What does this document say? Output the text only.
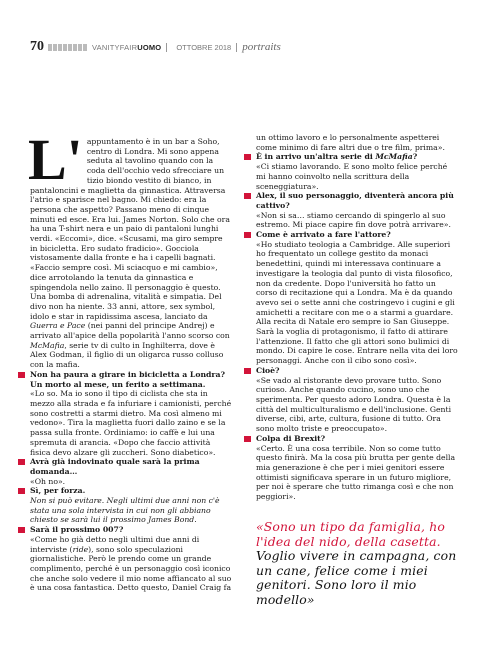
70	VANITYFAIRUOMO OTTOBRE 2018 portraits

L' appuntamento è in un bar a Soho, centro di Londra. Mi sono appena seduta al tavolino quando con la coda dell'occhio vedo sfrecciare un tizio biondo vestito di bianco, in pantaloncini e maglietta da ginnastica. Attraversa l'atrio e sparisce nel bagno. Mi chiedo: era la persona che aspetto? Passano meno di cinque minuti ed esce. Era lui. James Norton. Solo che ora ha una T-shirt nera e un paio di pantaloni lunghi verdi. «Eccomi», dice. «Scusami, ma giro sempre in bicicletta. Ero sudato fradicio». Gocciola vistosamente dalla fronte e ha i capelli bagnati. «Faccio sempre così. Mi sciacquo e mi cambio», dice arrotolando la tenuta da ginnastica e spingendola nello zaino. Il personaggio è questo. Una bomba di adrenalina, vitalità e simpatia. Del divo non ha niente. 33 anni, attore, sex symbol, idolo e star in rapidissima ascesa, lanciato da Guerra e Pace (nei panni del principe Andrej) e arrivato all'apice della popolarità l'anno scorso con McMafia, serie tv di culto in Inghilterra, dove è Alex Godman, il figlio di un oligarca russo colluso con la mafia.

Non ha paura a girare in bicicletta a Londra? Un morto al mese, un ferito a settimana.

«Lo so. Ma io sono il tipo di ciclista che sta in mezzo alla strada e fa infuriare i camionisti, perché sono costretti a starmi dietro. Ma così almeno mi vedono». Tira la maglietta fuori dallo zaino e se la passa sulla fronte. Ordiniamo: io caffè e lui una spremuta di arancia. «Dopo che faccio attività fisica devo alzare gli zuccheri. Sono diabetico».

Avrà già indovinato quale sarà la prima domanda…

«Oh no».

Sì, per forza.

Non si può evitare. Negli ultimi due anni non c'è stata una sola intervista in cui non gli abbiano chiesto se sarà lui il prossimo James Bond.

Sarà il prossimo 007?

«Come ho già detto negli ultimi due anni di interviste (ride), sono solo speculazioni giornalistiche. Però le prendo come un grande complimento, perché è un personaggio così iconico che anche solo vedere il mio nome affiancato al suo è una cosa fantastica. Detto questo, Daniel Craig fa

un ottimo lavoro e lo personalmente aspetterei come minimo di fare altri due o tre film, prima».

È in arrivo un'altra serie di McMafia?

«Ci stiamo lavorando. E sono molto felice perché mi hanno coinvolto nella scrittura della sceneggiatura».

Alex, il suo personaggio, diventerà ancora più cattivo?

«Non si sa… stiamo cercando di spingerlo al suo estremo. Mi piace capire fin dove potrà arrivare».

Come è arrivato a fare l'attore?

«Ho studiato teologia a Cambridge. Alle superiori ho frequentato un college gestito da monaci benedettini, quindi mi interessava continuare a investigare la teologia dal punto di vista filosofico, non da credente. Dopo l'università ho fatto un corso di recitazione qui a Londra. Ma è da quando avevo sei o sette anni che costringevo i cugini e gli amichetti a recitare con me o a starmi a guardare. Alla recita di Natale ero sempre io San Giuseppe. Sarà la voglia di protagonismo, il fatto di attirare l'attenzione. Il fatto che gli attori sono bulimici di mondo. Di capire le cose. Entrare nella vita dei loro personaggi. Anche con il cibo sono così».

Cioè?

«Se vado al ristorante devo provare tutto. Sono curioso. Anche quando cucino, sono uno che sperimenta. Per questo adoro Londra. Questa è la città del multiculturalismo e dell'inclusione. Genti diverse, cibi, arte, cultura, fusione di tutto. Ora sono molto triste e preoccupato».

Colpa di Brexit?

«Certo. È una cosa terribile. Non so come tutto questo finirà. Ma la cosa più brutta per gente della mia generazione è che per i miei genitori essere ottimisti significava sperare in un futuro migliore, per noi è sperare che tutto rimanga così e che non peggiori».

«Sono un tipo da famiglia, ho l'idea del nido, della casetta. Voglio vivere in campagna, con un cane, felice come i miei genitori. Sono loro il mio modello»
